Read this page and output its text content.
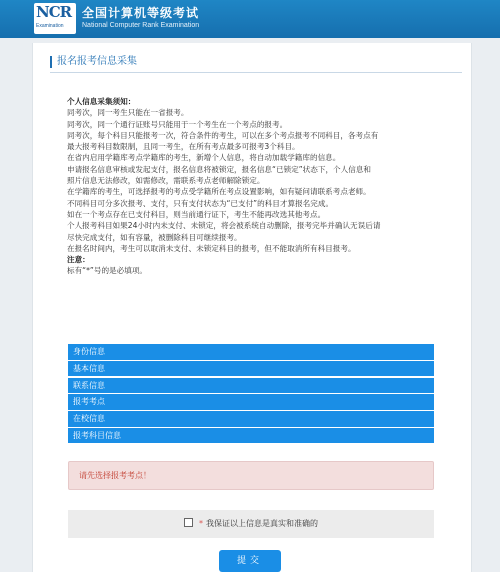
NCR
Examination
全国计算机等级考试
National Computer Rank Examination
报名报考信息采集
个人信息采集须知：
同考次，同一考生只能在一省报考。
同考次，同一个通行证账号只能用于一个考生在一个考点的报考。
同考次，每个科目只能报考一次，符合条件的考生，可以在多个考点报考不同科目，各考点有
最大报考科目数限制，且同一考生，在所有考点最多可报考3个科目。
在省内启用学籍库考点学籍库的考生，新增个人信息，将自动加载学籍库的信息。
申请报名信息审核或发起支付，报名信息将被锁定，报名信息“已锁定”状态下，个人信息和
照片信息无法修改，如需修改，需联系考点老师解除锁定。
在学籍库的考生，可选择报考的考点受学籍所在考点设置影响，如有疑问请联系考点老师。
不同科目可分多次报考、支付，只有支付状态为“已支付”的科目才算报名完成。
如在一个考点存在已支付科目，则当前通行证下，考生不能再改选其他考点。
个人报考科目如果24小时内未支付、未锁定，将会被系统自动删除，报考完毕并确认无误后请
尽快完成支付，如有容量，被删除科目可继续报考。
在报名时间内，考生可以取消未支付、未锁定科目的报考，但不能取消所有科目报考。
注意：
标有“*”号的是必填项。
身份信息
基本信息
联系信息
报考考点
在校信息
报考科目信息
请先选择报考考点！
* 我保证以上信息是真实和准确的
提交
